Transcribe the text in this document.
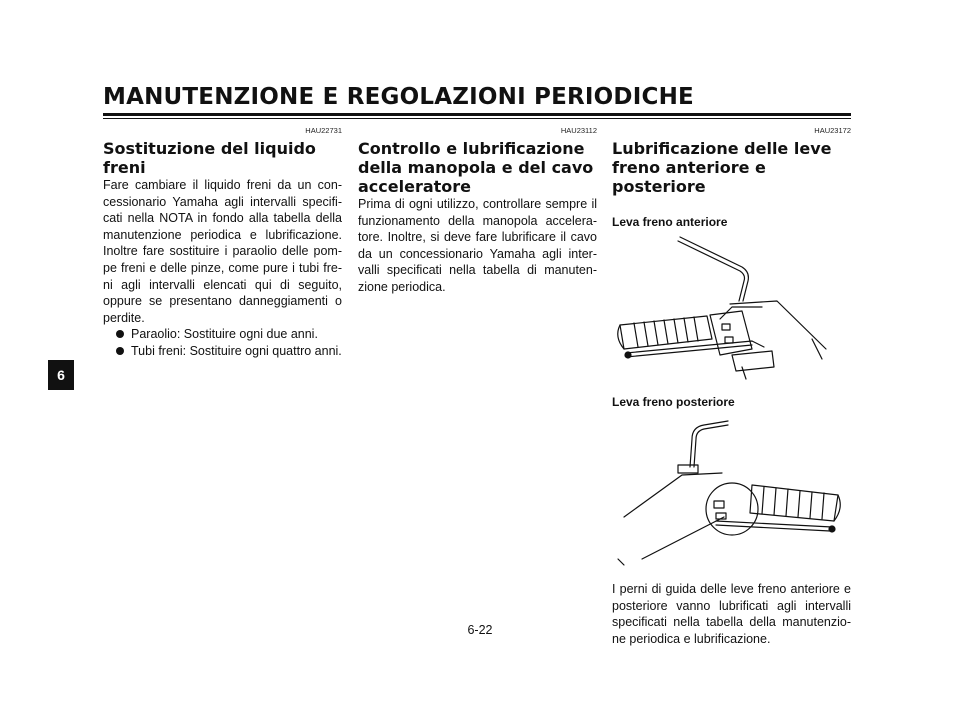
MANUTENZIONE E REGOLAZIONI PERIODICHE
6

HAU22731

Sostituzione del liquido freni

Fare cambiare il liquido freni da un con-cessionario Yamaha agli intervalli specifi-cati nella NOTA in fondo alla tabella della manutenzione periodica e lubrificazione. Inoltre fare sostituire i paraolio delle pom-pe freni e delle pinze, come pure i tubi fre-ni agli intervalli elencati qui di seguito, oppure se presentano danneggiamenti o perdite.

Paraolio: Sostituire ogni due anni.
Tubi freni: Sostituire ogni quattro anni.

HAU23112

Controllo e lubrificazione della manopola e del cavo acceleratore

Prima di ogni utilizzo, controllare sempre il funzionamento della manopola accelera-tore. Inoltre, si deve fare lubrificare il cavo da un concessionario Yamaha agli inter-valli specificati nella tabella di manuten-zione periodica.

HAU23172

Lubrificazione delle leve freno anteriore e posteriore

Leva freno anteriore

Leva freno posteriore

I perni di guida delle leve freno anteriore e posteriore vanno lubrificati agli intervalli specificati nella tabella della manutenzio-ne periodica e lubrificazione.

6-22
